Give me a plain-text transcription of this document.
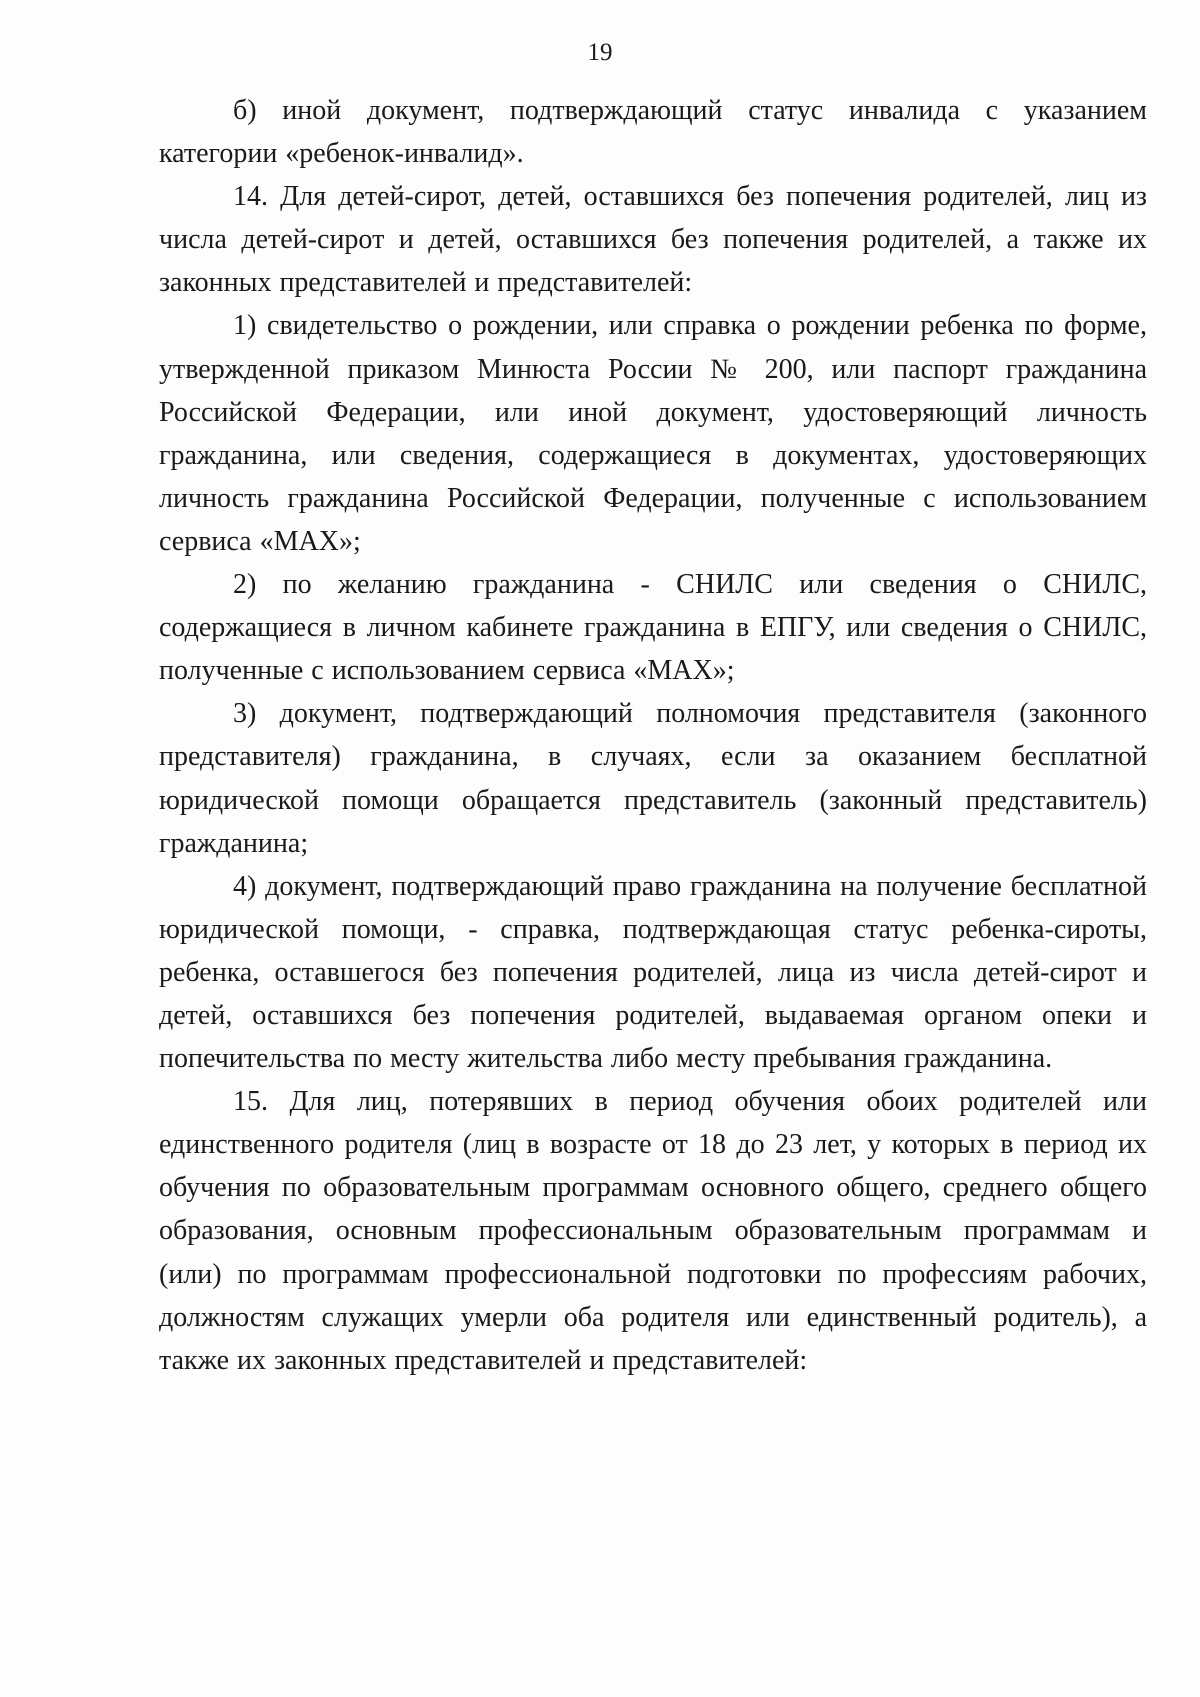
19

б) иной документ, подтверждающий статус инвалида с указанием категории «ребенок-инвалид».

14. Для детей-сирот, детей, оставшихся без попечения родителей, лиц из числа детей-сирот и детей, оставшихся без попечения родителей, а также их законных представителей и представителей:

1) свидетельство о рождении, или справка о рождении ребенка по форме, утвержденной приказом Минюста России № 200, или паспорт гражданина Российской Федерации, или иной документ, удостоверяющий личность гражданина, или сведения, содержащиеся в документах, удостоверяющих личность гражданина Российской Федерации, полученные с использованием сервиса «МАХ»;

2) по желанию гражданина - СНИЛС или сведения о СНИЛС, содержащиеся в личном кабинете гражданина в ЕПГУ, или сведения о СНИЛС, полученные с использованием сервиса «МАХ»;

3) документ, подтверждающий полномочия представителя (законного представителя) гражданина, в случаях, если за оказанием бесплатной юридической помощи обращается представитель (законный представитель) гражданина;

4) документ, подтверждающий право гражданина на получение бесплатной юридической помощи, - справка, подтверждающая статус ребенка-сироты, ребенка, оставшегося без попечения родителей, лица из числа детей-сирот и детей, оставшихся без попечения родителей, выдаваемая органом опеки и попечительства по месту жительства либо месту пребывания гражданина.

15. Для лиц, потерявших в период обучения обоих родителей или единственного родителя (лиц в возрасте от 18 до 23 лет, у которых в период их обучения по образовательным программам основного общего, среднего общего образования, основным профессиональным образовательным программам и (или) по программам профессиональной подготовки по профессиям рабочих, должностям служащих умерли оба родителя или единственный родитель), а также их законных представителей и представителей:
